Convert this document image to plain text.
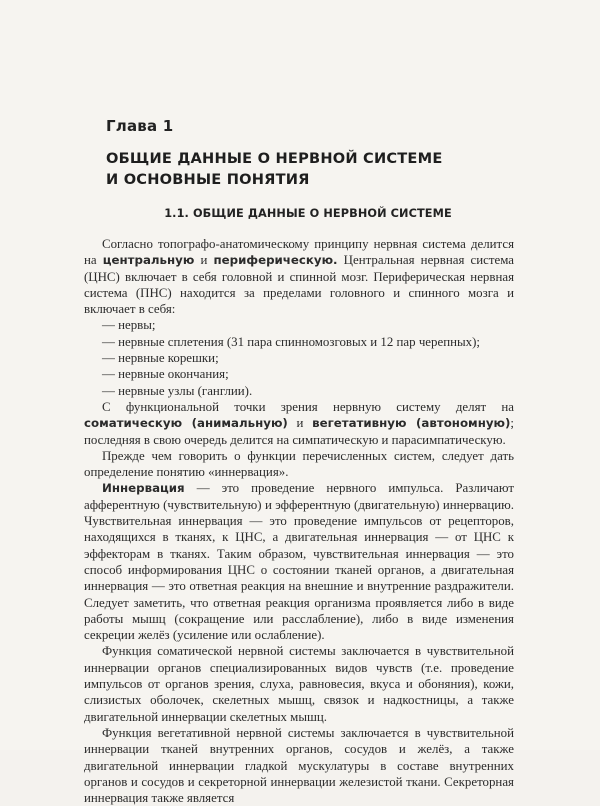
Глава 1
ОБЩИЕ ДАННЫЕ О НЕРВНОЙ СИСТЕМЕ
И ОСНОВНЫЕ ПОНЯТИЯ
1.1. ОБЩИЕ ДАННЫЕ О НЕРВНОЙ СИСТЕМЕ

Согласно топографо-анатомическому принципу нервная система делится на центральную и периферическую. Центральная нервная система (ЦНС) включает в себя головной и спинной мозг. Периферическая нервная система (ПНС) находится за пределами головного и спинного мозга и включает в себя:

— нервы;
— нервные сплетения (31 пара спинномозговых и 12 пар черепных);
— нервные корешки;
— нервные окончания;
— нервные узлы (ганглии).

С функциональной точки зрения нервную систему делят на соматическую (анимальную) и вегетативную (автономную); последняя в свою очередь делится на симпатическую и парасимпатическую.

Прежде чем говорить о функции перечисленных систем, следует дать определение понятию «иннервация».

Иннервация — это проведение нервного импульса. Различают афферентную (чувствительную) и эфферентную (двигательную) иннервацию. Чувствительная иннервация — это проведение импульсов от рецепторов, находящихся в тканях, к ЦНС, а двигательная иннервация — от ЦНС к эффекторам в тканях. Таким образом, чувствительная иннервация — это способ информирования ЦНС о состоянии тканей органов, а двигательная иннервация — это ответная реакция на внешние и внутренние раздражители. Следует заметить, что ответная реакция организма проявляется либо в виде работы мышц (сокращение или расслабление), либо в виде изменения секреции желёз (усиление или ослабление).

Функция соматической нервной системы заключается в чувствительной иннервации органов специализированных видов чувств (т.е. проведение импульсов от органов зрения, слуха, равновесия, вкуса и обоняния), кожи, слизистых оболочек, скелетных мышц, связок и надкостницы, а также двигательной иннервации скелетных мышц.

Функция вегетативной нервной системы заключается в чувствительной иннервации тканей внутренних органов, сосудов и желёз, а также двигательной иннервации гладкой мускулатуры в составе внутренних органов и сосудов и секреторной иннервации железистой ткани. Секреторная иннервация также является
